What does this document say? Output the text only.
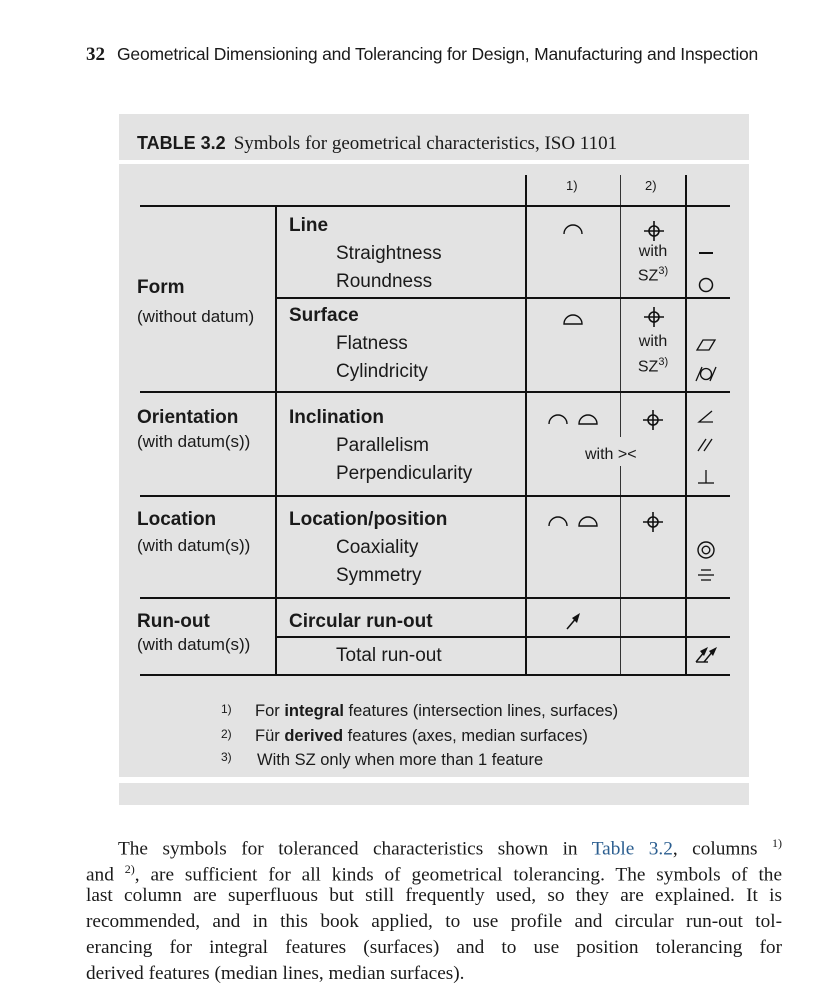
32 Geometrical Dimensioning and Tolerancing for Design, Manufacturing and Inspection
TABLE 3.2 Symbols for geometrical characteristics, ISO 1101
1)	2)
Form
(without datum)
Line
Straightness
Roundness
with
SZ$^{3)}$
Surface
Flatness
Cylindricity
with
SZ$^{3)}$
Orientation
(with datum(s))
Inclination
Parallelism
Perpendicularity
with ><
Location
(with datum(s))
Location/position
Coaxiality
Symmetry
Run-out
(with datum(s))
Circular run-out
Total run-out
1) For integral features (intersection lines, surfaces)
2) Für derived features (axes, median surfaces)
3) With SZ only when more than 1 feature
The symbols for toleranced characteristics shown in Table 3.2, columns $^{1)}$
and $^{2)}$, are sufficient for all kinds of geometrical tolerancing. The symbols of the
last column are superfluous but still frequently used, so they are explained. It is
recommended, and in this book applied, to use profile and circular run-out tol-
erancing for integral features (surfaces) and to use position tolerancing for
derived features (median lines, median surfaces).
